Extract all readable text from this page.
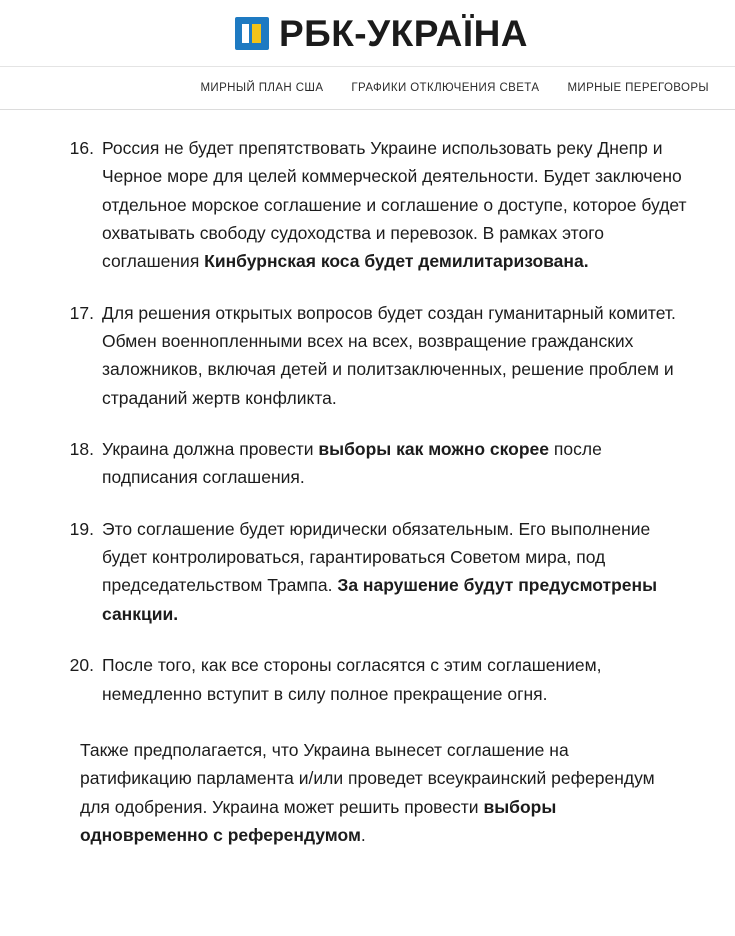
РБК-УКРАЇНА
МИРНЫЙ ПЛАН США ГРАФИКИ ОТКЛЮЧЕНИЯ СВЕТА МИРНЫЕ ПЕРЕГОВОРЫ
16. Россия не будет препятствовать Украине использовать реку Днепр и Черное море для целей коммерческой деятельности. Будет заключено отдельное морское соглашение и соглашение о доступе, которое будет охватывать свободу судоходства и перевозок. В рамках этого соглашения Кинбурнская коса будет демилитаризована.
17. Для решения открытых вопросов будет создан гуманитарный комитет. Обмен военнопленными всех на всех, возвращение гражданских заложников, включая детей и политзаключенных, решение проблем и страданий жертв конфликта.
18. Украина должна провести выборы как можно скорее после подписания соглашения.
19. Это соглашение будет юридически обязательным. Его выполнение будет контролироваться, гарантироваться Советом мира, под председательством Трампа. За нарушение будут предусмотрены санкции.
20. После того, как все стороны согласятся с этим соглашением, немедленно вступит в силу полное прекращение огня.

Также предполагается, что Украина вынесет соглашение на ратификацию парламента и/или проведет всеукраинский референдум для одобрения. Украина может решить провести выборы одновременно с референдумом.
